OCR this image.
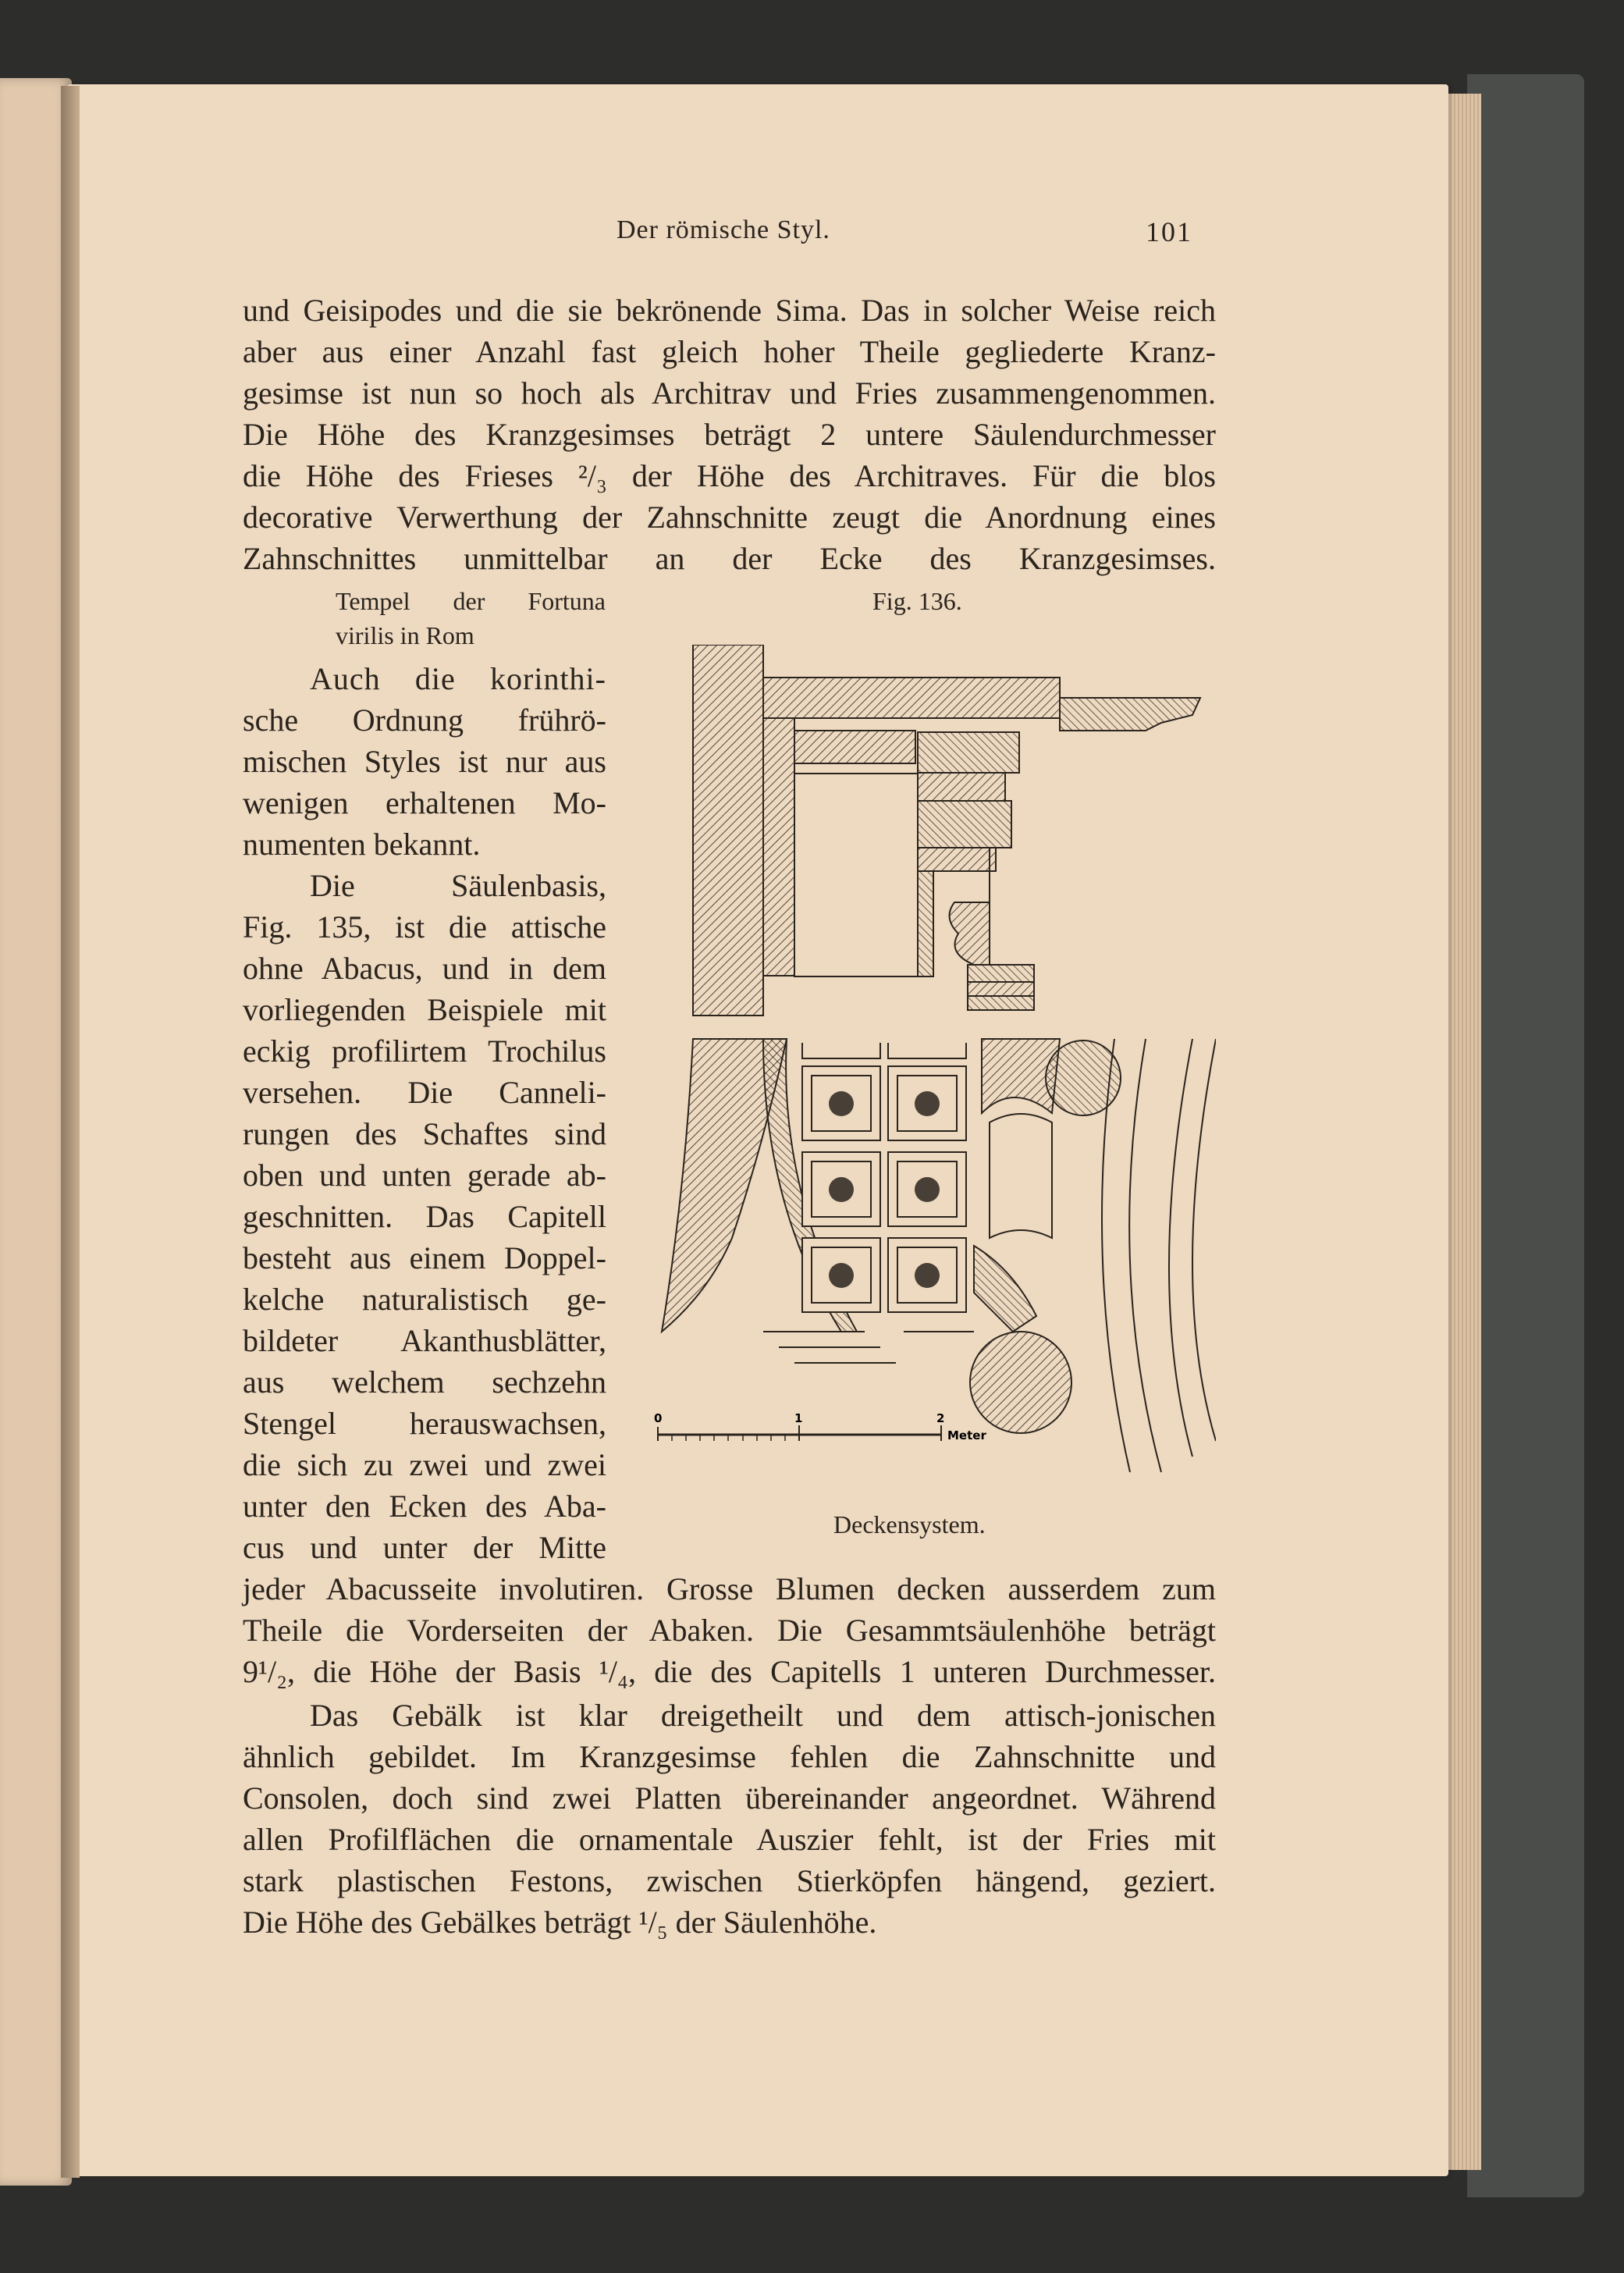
Der römische Styl.	101
und Geisipodes und die sie bekrönende Sima. Das in solcher Weise reich
aber aus einer Anzahl fast gleich hoher Theile gegliederte Kranz-
gesimse ist nun so hoch als Architrav und Fries zusammengenommen.
Die Höhe des Kranzgesimses beträgt 2 untere Säulendurchmesser
die Höhe des Frieses ²/₃ der Höhe des Architraves. Für die blos
decorative Verwerthung der Zahnschnitte zeugt die Anordnung eines
Zahnschnittes unmittelbar an der Ecke des Kranzgesimses.
Tempel der Fortuna
virilis in Rom
Fig. 136.
Auch die korinthi-
sche Ordnung frührö-
mischen Styles ist nur aus
wenigen erhaltenen Mo-
numenten bekannt.
Die Säulenbasis,
Fig. 135, ist die attische
ohne Abacus, und in dem
vorliegenden Beispiele mit
eckig profilirtem Trochilus
versehen. Die Canneli-
rungen des Schaftes sind
oben und unten gerade ab-
geschnitten. Das Capitell
besteht aus einem Doppel-
kelche naturalistisch ge-
bildeter Akanthusblätter,
aus welchem sechzehn
Stengel herauswachsen,
die sich zu zwei und zwei
unter den Ecken des Aba-
cus und unter der Mitte
jeder Abacusseite involutiren. Grosse Blumen decken ausserdem zum
Theile die Vorderseiten der Abaken. Die Gesammtsäulenhöhe beträgt
9¹/₂, die Höhe der Basis ¹/₄, die des Capitells 1 unteren Durchmesser.
Das Gebälk ist klar dreigetheilt und dem attisch-jonischen
ähnlich gebildet. Im Kranzgesimse fehlen die Zahnschnitte und
Consolen, doch sind zwei Platten übereinander angeordnet. Während
allen Profilflächen die ornamentale Auszier fehlt, ist der Fries mit
stark plastischen Festons, zwischen Stierköpfen hängend, geziert.
Die Höhe des Gebälkes beträgt ¹/₅ der Säulenhöhe.
0	1	2
Meter
Deckensystem.
